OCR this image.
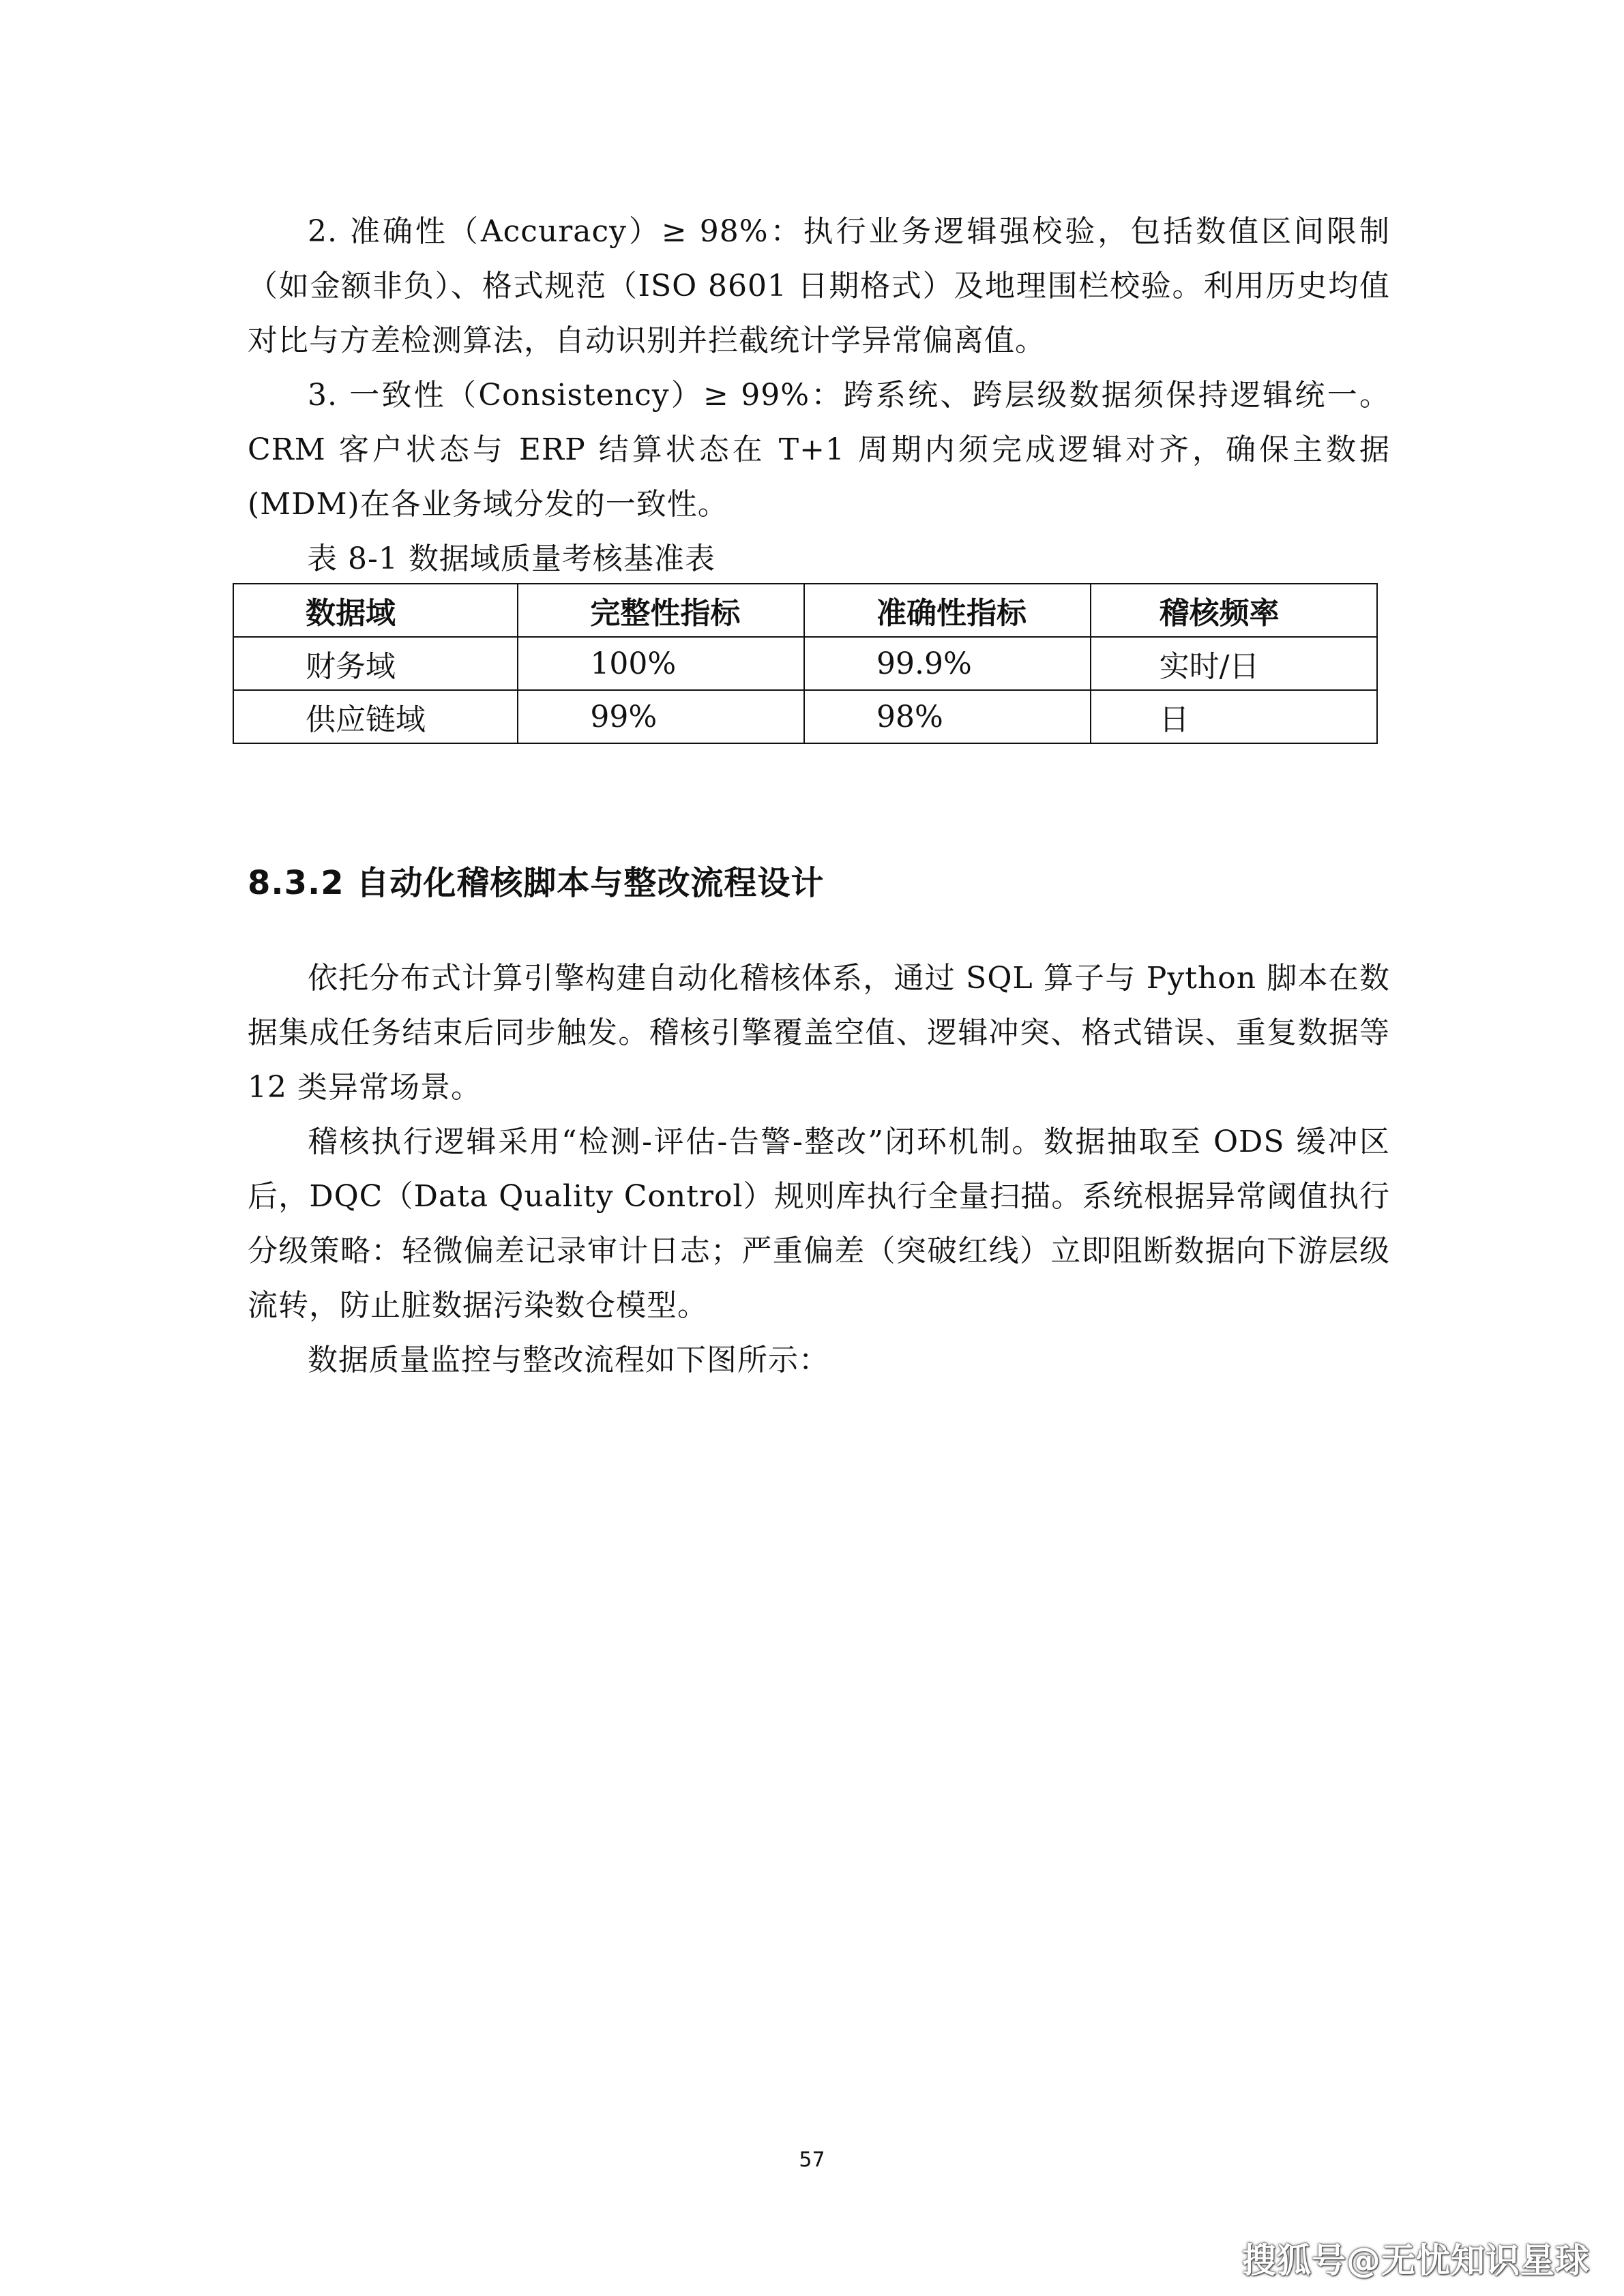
2. 准确性（Accuracy）≥ 98%：执行业务逻辑强校验，包括数值区间限制（如金额非负）、格式规范（ISO 8601 日期格式）及地理围栏校验。利用历史均值对比与方差检测算法，自动识别并拦截统计学异常偏离值。

3. 一致性（Consistency）≥ 99%：跨系统、跨层级数据须保持逻辑统一。CRM 客户状态与 ERP 结算状态在 T+1 周期内须完成逻辑对齐，确保主数据(MDM)在各业务域分发的一致性。

表 8-1 数据域质量考核基准表

数据域	完整性指标	准确性指标	稽核频率
财务域	100%	99.9%	实时/日
供应链域	99%	98%	日
8.3.2 自动化稽核脚本与整改流程设计

依托分布式计算引擎构建自动化稽核体系，通过 SQL 算子与 Python 脚本在数据集成任务结束后同步触发。稽核引擎覆盖空值、逻辑冲突、格式错误、重复数据等 12 类异常场景。

稽核执行逻辑采用“检测-评估-告警-整改”闭环机制。数据抽取至 ODS 缓冲区后，DQC（Data Quality Control）规则库执行全量扫描。系统根据异常阈值执行分级策略：轻微偏差记录审计日志；严重偏差（突破红线）立即阻断数据向下游层级流转，防止脏数据污染数仓模型。

数据质量监控与整改流程如下图所示：

57
搜狐号@无忧知识星球
